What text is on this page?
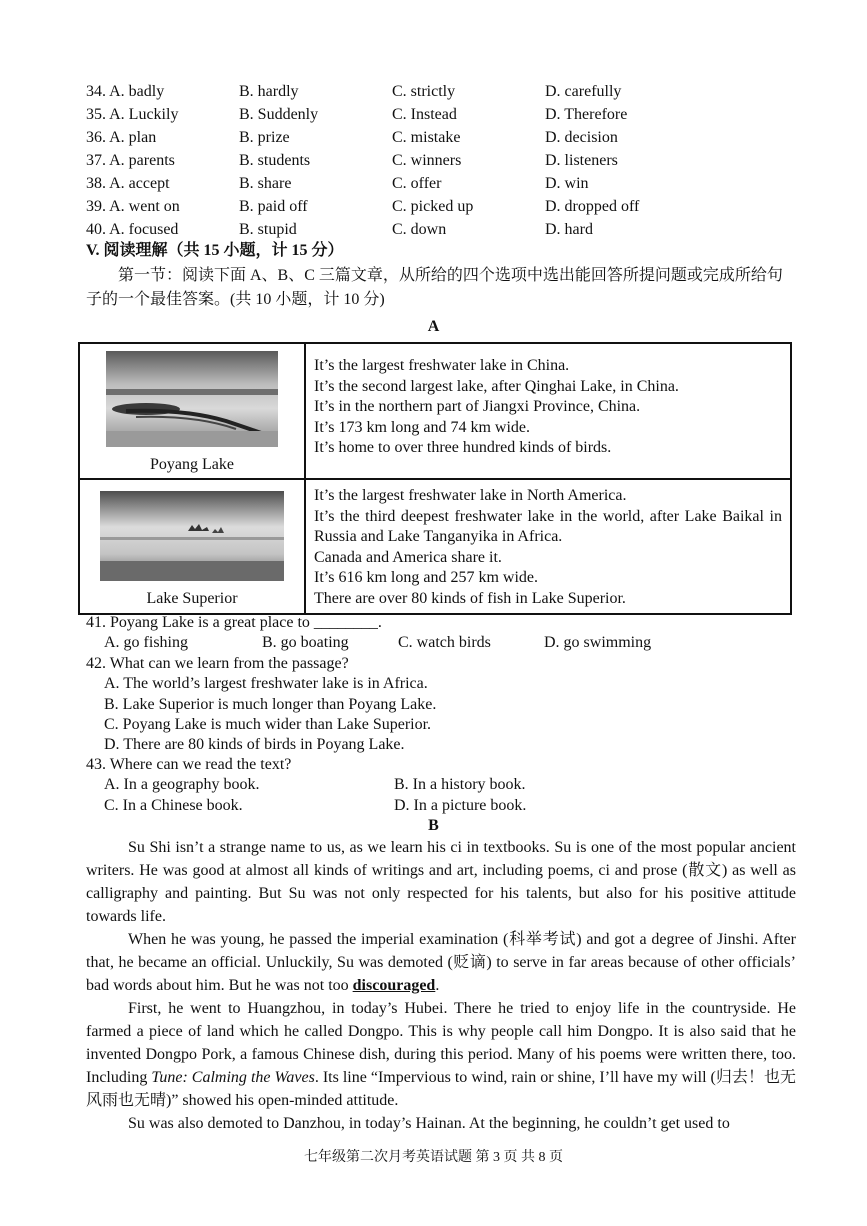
34. A. badly	B. hardly	C. strictly	D. carefully
35. A. Luckily	B. Suddenly	C. Instead	D. Therefore
36. A. plan	B. prize	C. mistake	D. decision
37. A. parents	B. students	C. winners	D. listeners
38. A. accept	B. share	C. offer	D. win
39. A. went on	B. paid off	C. picked up	D. dropped off
40. A. focused	B. stupid	C. down	D. hard
V. 阅读理解（共 15 小题，计 15 分）
第一节：阅读下面 A、B、C 三篇文章，从所给的四个选项中选出能回答所提问题或完成所给句子的一个最佳答案。(共 10 小题，计 10 分)
A
Poyang Lake	It’s the largest freshwater lake in China.
It’s the second largest lake, after Qinghai Lake, in China.
It’s in the northern part of Jiangxi Province, China.
It’s 173 km long and 74 km wide.
It’s home to over three hundred kinds of birds.

Lake Superior	It’s the largest freshwater lake in North America.
It’s the third deepest freshwater lake in the world, after Lake Baikal in Russia and Lake Tanganyika in Africa.
Canada and America share it.
It’s 616 km long and 257 km wide.
There are over 80 kinds of fish in Lake Superior.
41. Poyang Lake is a great place to ________.
A. go fishing	B. go boating	C. watch birds	D. go swimming
42. What can we learn from the passage?
A. The world’s largest freshwater lake is in Africa.
B. Lake Superior is much longer than Poyang Lake.
C. Poyang Lake is much wider than Lake Superior.
D. There are 80 kinds of birds in Poyang Lake.
43. Where can we read the text?
A. In a geography book.	B. In a history book.
C. In a Chinese book.	D. In a picture book.
B

Su Shi isn’t a strange name to us, as we learn his ci in textbooks. Su is one of the most popular ancient writers. He was good at almost all kinds of writings and art, including poems, ci and prose (散文) as well as calligraphy and painting. But Su was not only respected for his talents, but also for his positive attitude towards life.

When he was young, he passed the imperial examination (科举考试) and got a degree of Jinshi. After that, he became an official. Unluckily, Su was demoted (贬谪) to serve in far areas because of other officials’ bad words about him. But he was not too discouraged.

First, he went to Huangzhou, in today’s Hubei. There he tried to enjoy life in the countryside. He farmed a piece of land which he called Dongpo. This is why people call him Dongpo. It is also said that he invented Dongpo Pork, a famous Chinese dish, during this period. Many of his poems were written there, too. Including Tune: Calming the Waves. Its line “Impervious to wind, rain or shine, I’ll have my will (归去！也无风雨也无晴)” showed his open-minded attitude.

Su was also demoted to Danzhou, in today’s Hainan. At the beginning, he couldn’t get used to

七年级第二次月考英语试题 第 3 页 共 8 页
